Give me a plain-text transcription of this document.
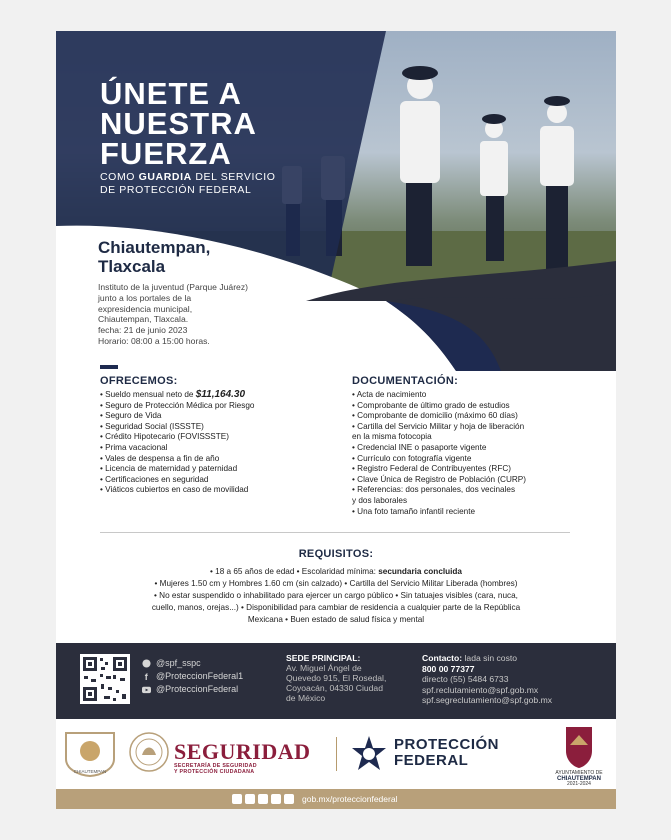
ÚNETE A
NUESTRA
FUERZA
COMO GUARDIA DEL SERVICIO
DE PROTECCIÓN FEDERAL
Chiautempan,
Tlaxcala
Instituto de la juventud (Parque Juárez)
junto a los portales de la
expresidencia municipal,
Chiautempan, Tlaxcala.
fecha: 21 de junio 2023
Horario: 08:00 a 15:00 horas.
OFRECEMOS:
• Sueldo mensual neto de $11,164.30
• Seguro de Protección Médica por Riesgo
• Seguro de Vida
• Seguridad Social (ISSSTE)
• Crédito Hipotecario (FOVISSSTE)
• Prima vacacional
• Vales de despensa a fin de año
• Licencia de maternidad y paternidad
• Certificaciones en seguridad
• Viáticos cubiertos en caso de movilidad
DOCUMENTACIÓN:
• Acta de nacimiento
• Comprobante de último grado de estudios
• Comprobante de domicilio (máximo 60 días)
• Cartilla del Servicio Militar y hoja de liberación
en la misma fotocopia
• Credencial INE o pasaporte vigente
• Currículo con fotografía vigente
• Registro Federal de Contribuyentes (RFC)
• Clave Única de Registro de Población (CURP)
• Referencias: dos personales, dos vecinales
y dos laborales
• Una foto tamaño infantil reciente
REQUISITOS:

• 18 a 65 años de edad • Escolaridad mínima: secundaria concluida
• Mujeres 1.50 cm y Hombres 1.60 cm (sin calzado) • Cartilla del Servicio Militar Liberada (hombres)
• No estar suspendido o inhabilitado para ejercer un cargo público • Sin tatuajes visibles (cara, nuca,
cuello, manos, orejas...) • Disponibilidad para cambiar de residencia a cualquier parte de la República
Mexicana • Buen estado de salud física y mental

@spf_sspc
f @ProteccionFederal1
@ProteccionFederal
SEDE PRINCIPAL:
Av. Miguel Ángel de
Quevedo 915, El Rosedal,
Coyoacán, 04330 Ciudad
de México
Contacto: lada sin costo
800 00 77377
directo (55) 5484 6733
spf.reclutamiento@spf.gob.mx
spf.segreclutamiento@spf.gob.mx
CHIAUTEMPAN
SEGURIDAD
SECRETARÍA DE SEGURIDAD
Y PROTECCIÓN CIUDADANA
PROTECCIÓN
FEDERAL
AYUNTAMIENTO DE
CHIAUTEMPAN
2021-2024
gob.mx/proteccionfederal
